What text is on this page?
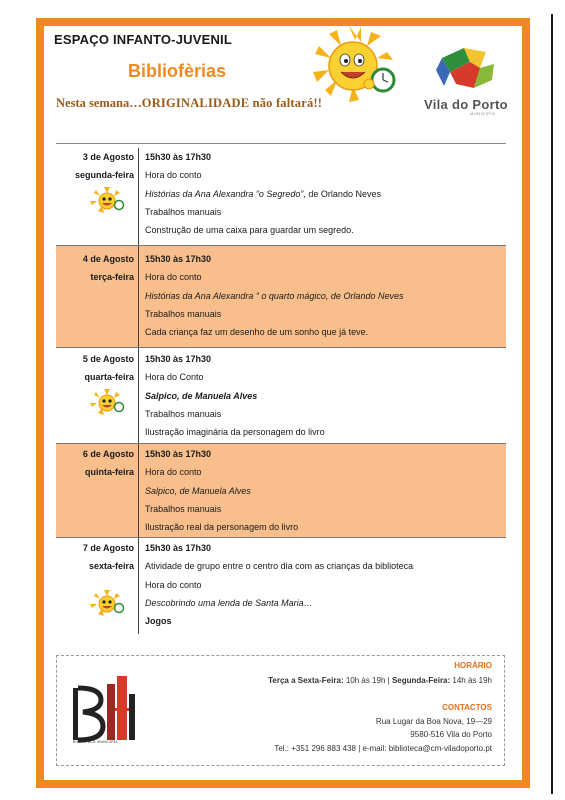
ESPAÇO INFANTO-JUVENIL
Bibliofèrias
Nesta semana…ORIGINALIDADE não faltará!!	Vila do Porto
MUNICÍPIO
3 de Agosto
segunda-feira
15h30 às 17h30
Hora do conto
Histórias da Ana Alexandra “o Segredo”, de Orlando Neves
Trabalhos manuais
Construção de uma caixa para guardar um segredo.
4 de Agosto
terça-feira
15h30 às 17h30
Hora do conto
Histórias da Ana Alexandra “ o quarto mágico, de Orlando Neves
Trabalhos manuais
Cada criança faz um desenho de um sonho que já teve.
5 de Agosto
quarta-feira
15h30 às 17h30
Hora do Conto
Salpico, de Manuela Alves
Trabalhos manuais
Ilustração imaginária da personagem do livro
6 de Agosto
quinta-feira
15h30 às 17h30
Hora do conto
Salpico, de Manuela Alves
Trabalhos manuais
Ilustração real da personagem do livro
7 de Agosto
sexta-feira
15h30 às 17h30
Atividade de grupo entre o centro dia com as crianças da biblioteca
Hora do conto
Descobrindo uma lenda de Santa Maria…
Jogos
BIBLIOTECA MUNICIPAL
HORÁRIO
Terça a Sexta-Feira: 10h às 19h | Segunda-Feira: 14h às 19h
CONTACTOS
Rua Lugar da Boa Nova, 19—29
9580-516 Vila do Porto
Tel.: +351 296 883 438 | e-mail: biblioteca@cm-viladoporto.pt
